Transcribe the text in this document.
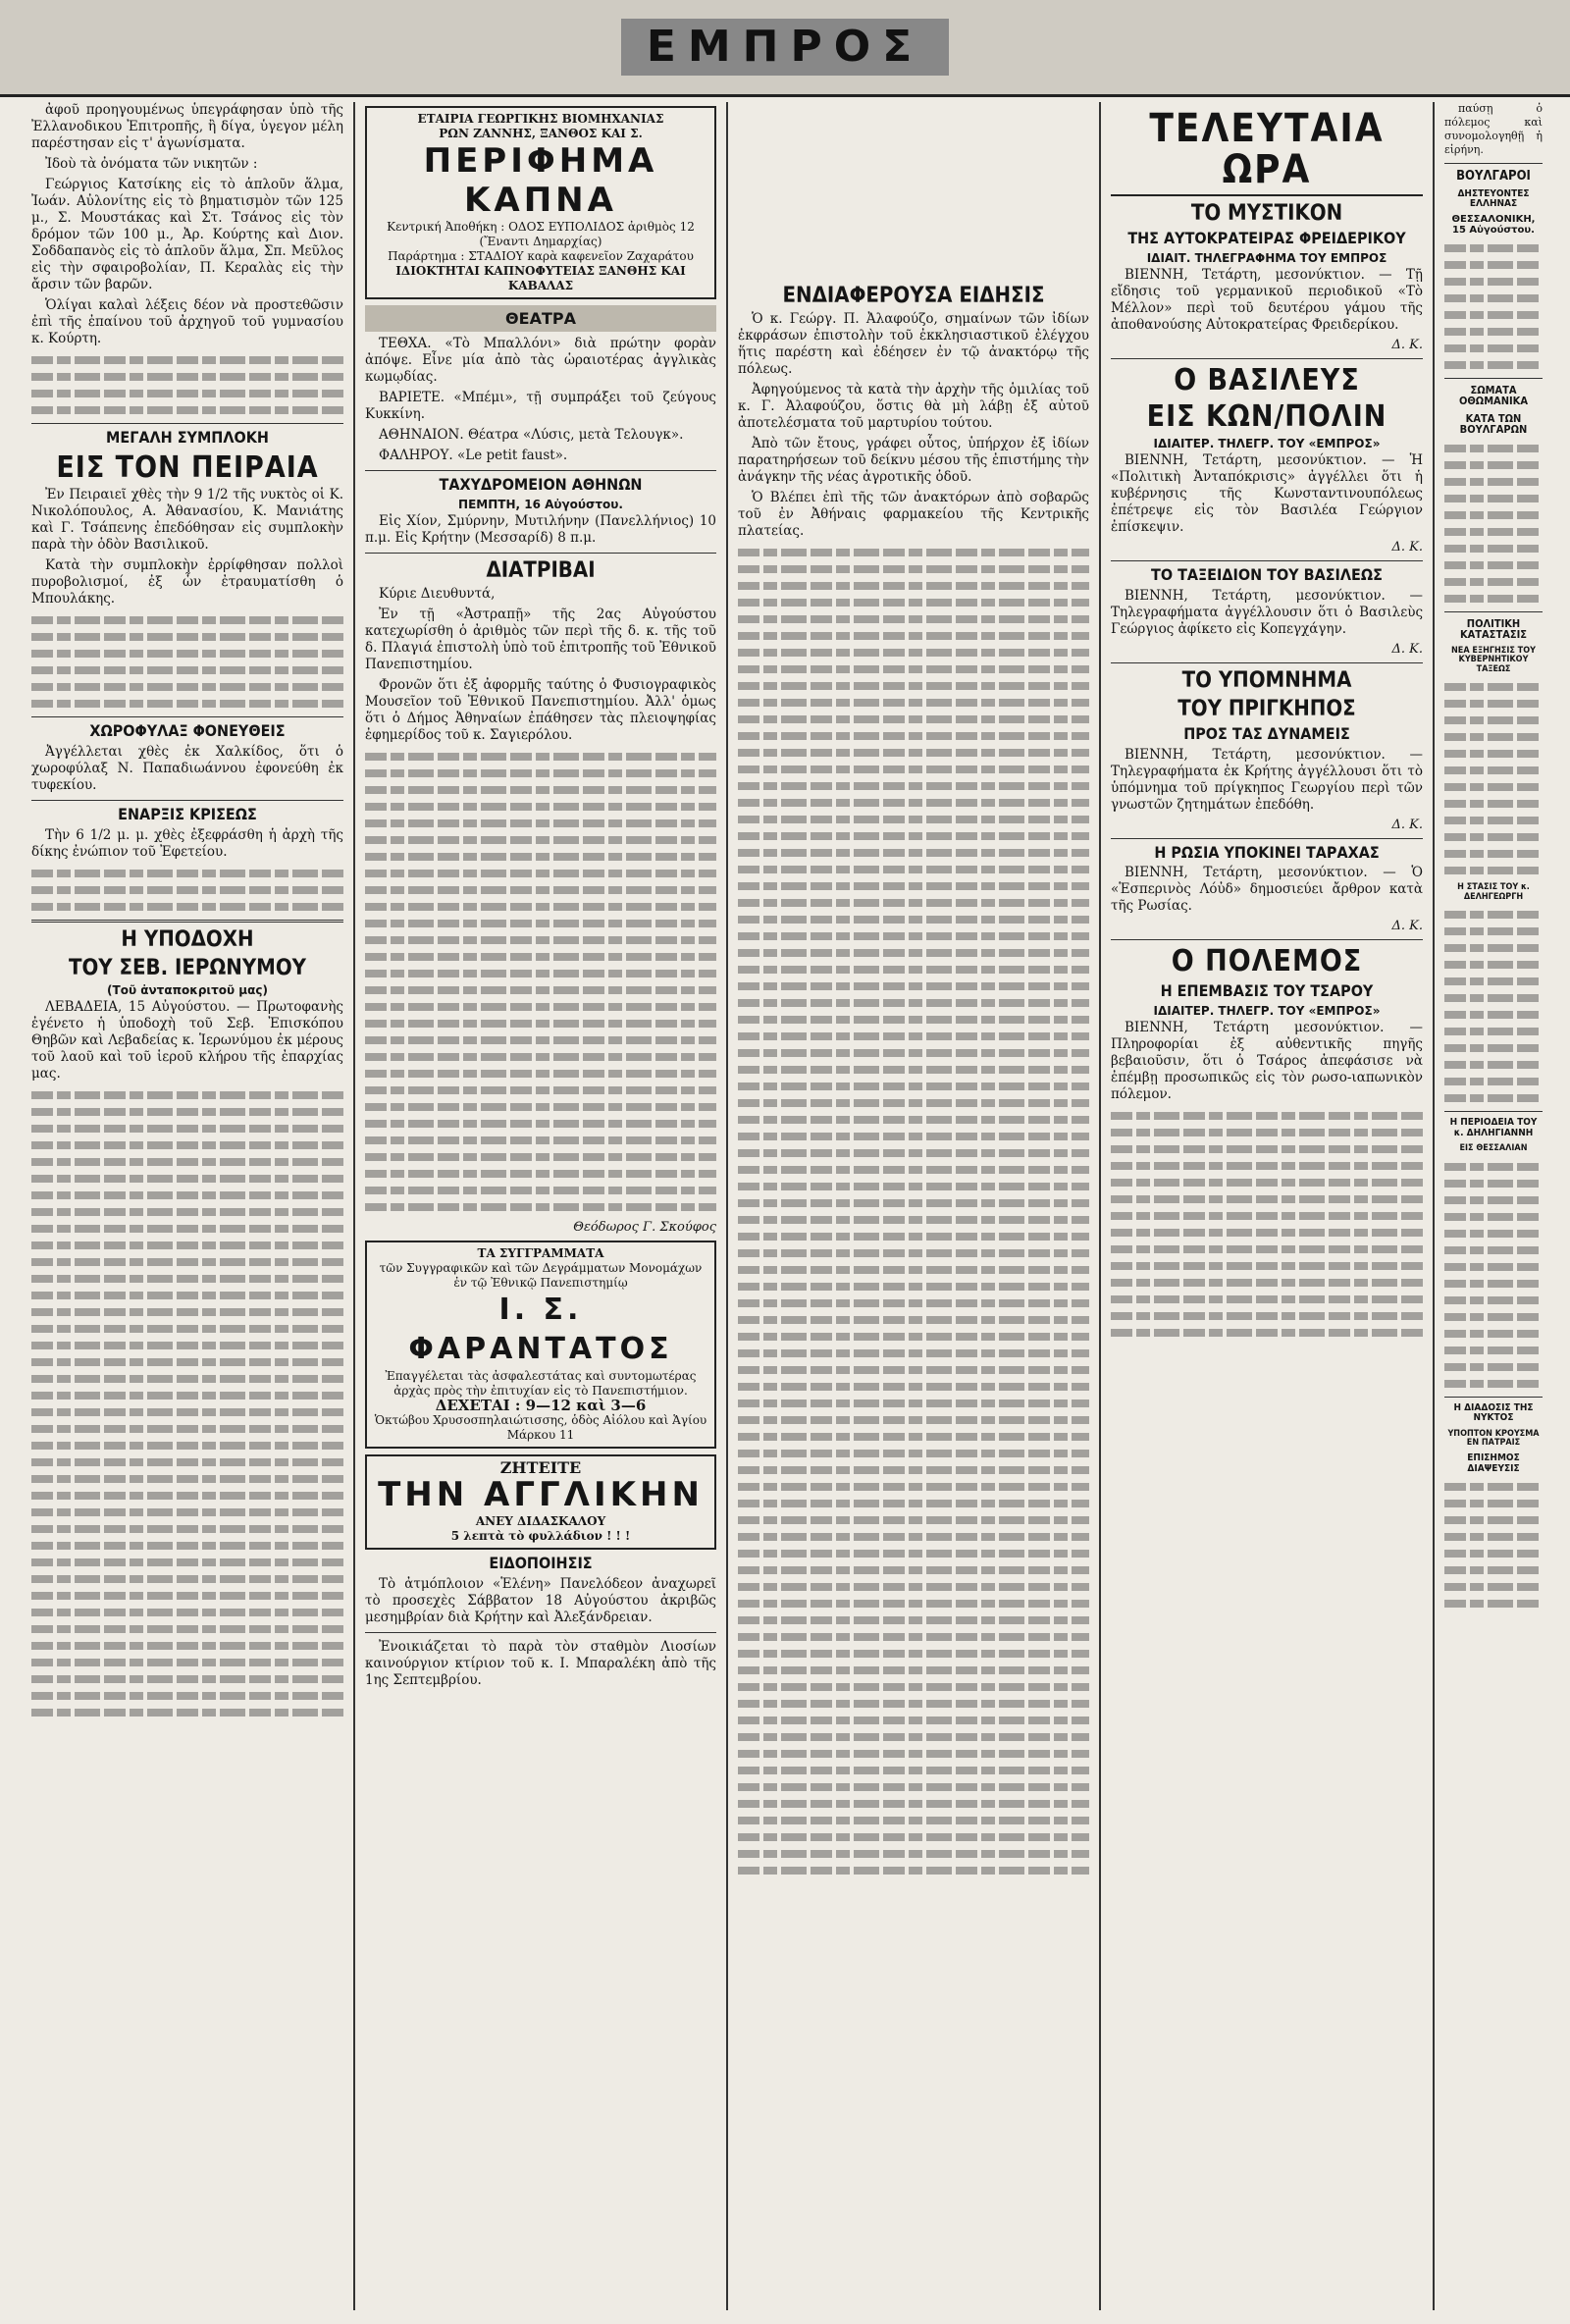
ΕΜΠΡΟΣ

ἀφοῦ προηγουμένως ὑπεγράφησαν ὑπὸ τῆς Ἐλλανοδικου Ἐπιτροπῆς, ἢ δίγα, ὑγεγον μέλη παρέστησαν εἰς τ' ἀγωνίσματα.

Ἰδοὺ τὰ ὀνόματα τῶν νικητῶν :

Γεώργιος Κατσίκης εἰς τὸ ἁπλοῦν ἅλμα, Ἰωάν. Αὐλονίτης εἰς τὸ βηματισμὸν τῶν 125 μ., Σ. Μουστάκας καὶ Στ. Τσάνος εἰς τὸν δρόμον τῶν 100 μ., Ἀρ. Κούρτης καὶ Διον. Σοδδαπανὸς εἰς τὸ ἁπλοῦν ἅλμα, Σπ. Μεῦλος εἰς τὴν σφαιροβολίαν, Π. Κεραλὰς εἰς τὴν ἄρσιν τῶν βαρῶν.

Ὁλίγαι καλαὶ λέξεις δέον νὰ προστεθῶσιν ἐπὶ τῆς ἐπαίνου τοῦ ἀρχηγοῦ τοῦ γυμνασίου κ. Κούρτη.

ΜΕΓΑΛΗ ΣΥΜΠΛΟΚΗ
ΕΙΣ ΤΟΝ ΠΕΙΡΑΙΑ

Ἐν Πειραιεῖ χθὲς τὴν 9 1/2 τῆς νυκτὸς οἱ Κ. Νικολόπουλος, Α. Ἀθανασίου, Κ. Μανιάτης καὶ Γ. Τσάπενης ἐπεδόθησαν εἰς συμπλοκὴν παρὰ τὴν ὁδὸν Βασιλικοῦ.

Κατὰ τὴν συμπλοκὴν ἐρρίφθησαν πολλοὶ πυροβολισμοί, ἐξ ὧν ἐτραυματίσθη ὁ Μπουλάκης.

ΧΩΡΟΦΥΛΑΞ ΦΟΝΕΥΘΕΙΣ

Ἀγγέλλεται χθὲς ἐκ Χαλκίδος, ὅτι ὁ χωροφύλαξ Ν. Παπαδιωάννου ἐφονεύθη ἐκ τυφεκίου.

ΕΝΑΡΞΙΣ ΚΡΙΣΕΩΣ

Τὴν 6 1/2 μ. μ. χθὲς ἐξεφράσθη ἡ ἀρχὴ τῆς δίκης ἐνώπιον τοῦ Ἐφετείου.

Η ΥΠΟΔΟΧΗ
ΤΟΥ ΣΕΒ. ΙΕΡΩΝΥΜΟΥ
(Τοῦ ἀνταποκριτοῦ μας)

ΛΕΒΑΔΕΙΑ, 15 Αὐγούστου. — Πρωτοφανὴς ἐγένετο ἡ ὑποδοχὴ τοῦ Σεβ. Ἐπισκόπου Θηβῶν καὶ Λεβαδείας κ. Ἱερωνύμου ἐκ μέρους τοῦ λαοῦ καὶ τοῦ ἱεροῦ κλήρου τῆς ἐπαρχίας μας.

ΕΤΑΙΡΙΑ ΓΕΩΡΓΙΚΗΣ ΒΙΟΜΗΧΑΝΙΑΣ
ΡΩΝ ΖΑΝΝΗΣ, ΞΑΝΘΟΣ ΚΑΙ Σ.
ΠΕΡΙΦΗΜΑ ΚΑΠΝΑ
Κεντρική Ἀποθήκη : ΟΔΟΣ ΕΥΠΟΛΙΔΟΣ ἀριθμὸς 12 (Ἔναντι Δημαρχίας)
Παράρτημα : ΣΤΑΔΙΟΥ καρὰ καφενεῖον Ζαχαράτου
ΙΔΙΟΚΤΗΤΑΙ ΚΑΠΝΟΦΥΤΕΙΑΣ ΞΑΝΘΗΣ ΚΑΙ ΚΑΒΑΛΑΣ
ΘΕΑΤΡΑ

ΤΕΘΧΑ. «Τὸ Μπαλλόνι» διὰ πρώτην φορὰν ἀπόψε. Εἶνε μία ἀπὸ τὰς ὡραιοτέρας ἀγγλικὰς κωμῳδίας.

ΒΑΡΙΕΤΕ. «Μπέμι», τῇ συμπράξει τοῦ ζεύγους Κυκκίνη.

ΑΘΗΝΑΙΟΝ. Θέατρα «Λύσις, μετὰ Τελουγκ».

ΦΑΛΗΡΟΥ. «Le petit faust».

ΤΑΧΥΔΡΟΜΕΙΟΝ ΑΘΗΝΩΝ
ΠΕΜΠΤΗ, 16 Αὐγούστου.

Εἰς Χίον, Σμύρνην, Μυτιλήνην (Πανελλήνιος) 10 π.μ. Εἰς Κρήτην (Μεσσαρίδ) 8 π.μ.

ΔΙΑΤΡΙΒΑΙ

Κύριε Διευθυντά,

Ἐν τῇ «Ἀστραπῇ» τῆς 2ας Αὐγούστου κατεχωρίσθη ὁ ἀριθμὸς τῶν περὶ τῆς δ. κ. τῆς τοῦ δ. Πλαγιά ἐπιστολὴ ὑπὸ τοῦ ἐπιτροπῆς τοῦ Ἐθνικοῦ Πανεπιστημίου.

Φρονῶν ὅτι ἐξ ἀφορμῆς ταύτης ὁ Φυσιογραφικὸς Μουσεῖον τοῦ Ἐθνικοῦ Πανεπιστημίου. Ἀλλ' ὁμως ὅτι ὁ Δήμος Ἀθηναίων ἐπάθησεν τὰς πλειοψηφίας ἐφημερίδος τοῦ κ. Σαγιερόλου.

Θεόδωρος Γ. Σκούφος
ΤΑ ΣΥΓΓΡΑΜΜΑΤΑ
τῶν Συγγραφικῶν καὶ τῶν Δεγράμματων Μονομάχων ἐν τῷ Ἐθνικῷ Πανεπιστημίῳ
Ι. Σ. ΦΑΡΑΝΤΑΤΟΣ
Ἐπαγγέλεται τὰς ἀσφαλεστάτας καὶ συντομωτέρας ἀρχὰς πρὸς τὴν ἐπιτυχίαν εἰς τὸ Πανεπιστήμιον.
ΔΕΧΕΤΑΙ : 9—12 καὶ 3—6
Ὁκτώβου Χρυσοσπηλαιώτισσης, ὁδὸς Αἰόλου καὶ Ἁγίου Μάρκου 11
ΖΗΤΕΙΤΕ
ΤΗΝ ΑΓΓΛΙΚΗΝ
ΑΝΕΥ ΔΙΔΑΣΚΑΛΟΥ
5 λεπτὰ τὸ φυλλάδιον ! ! !
ΕΙΔΟΠΟΙΗΣΙΣ

Τὸ ἀτμόπλοιον «Ἑλένη» Πανελόδεον ἀναχωρεῖ τὸ προσεχὲς Σάββατον 18 Αὐγούστου ἀκριβῶς μεσημβρίαν διὰ Κρήτην καὶ Ἀλεξάνδρειαν.

Ἐνοικιάζεται τὸ παρὰ τὸν σταθμὸν Λιοσίων καινούργιον κτίριον τοῦ κ. Ι. Μπαραλέκη ἀπὸ τῆς 1ης Σεπτεμβρίου.

ΕΝΔΙΑΦΕΡΟΥΣΑ ΕΙΔΗΣΙΣ

Ὁ κ. Γεώργ. Π. Ἀλαφούζο, σημαίνων τῶν ἰδίων ἐκφράσων ἐπιστολὴν τοῦ ἐκκλησιαστικοῦ ἐλέγχου ἥτις παρέστη καὶ ἐδέησεν ἐν τῷ ἀνακτόρῳ τῆς πόλεως.

Ἀφηγούμενος τὰ κατὰ τὴν ἀρχὴν τῆς ὁμιλίας τοῦ κ. Γ. Ἀλαφούζου, ὅστις θὰ μὴ λάβῃ ἐξ αὐτοῦ ἀποτελέσματα τοῦ μαρτυρίου τούτου.

Ἀπὸ τῶν ἔτους, γράφει οὗτος, ὑπήρχον ἐξ ἰδίων παρατηρήσεων τοῦ δείκνυ μέσου τῆς ἐπιστήμης τὴν ἀνάγκην τῆς νέας ἀγροτικῆς ὁδοῦ.

Ὁ Βλέπει ἐπὶ τῆς τῶν ἀνακτόρων ἀπὸ σοβαρῶς τοῦ ἐν Ἀθήναις φαρμακείου τῆς Κεντρικῆς πλατείας.

ΤΕΛΕΥΤΑΙΑ ΩΡΑ
ΤΟ ΜΥΣΤΙΚΟΝ
ΤΗΣ ΑΥΤΟΚΡΑΤΕΙΡΑΣ ΦΡΕΙΔΕΡΙΚΟΥ
ΙΔΙΑΙΤ. ΤΗΛΕΓΡΑΦΗΜΑ ΤΟΥ ΕΜΠΡΟΣ

ΒΙΕΝΝΗ, Τετάρτη, μεσονύκτιον. — Τῇ εἴδησις τοῦ γερμανικοῦ περιοδικοῦ «Τὸ Μέλλον» περὶ τοῦ δευτέρου γάμου τῆς ἀποθανούσης Αὐτοκρατείρας Φρειδερίκου.

Δ. Κ.
Ο ΒΑΣΙΛΕΥΣ
ΕΙΣ ΚΩΝ/ΠΟΛΙΝ
ΙΔΙΑΙΤΕΡ. ΤΗΛΕΓΡ. ΤΟΥ «ΕΜΠΡΟΣ»

ΒΙΕΝΝΗ, Τετάρτη, μεσονύκτιον. — Ἡ «Πολιτικὴ Ἀνταπόκρισις» ἀγγέλλει ὅτι ἡ κυβέρνησις τῆς Κωνσταντινουπόλεως ἐπέτρεψε εἰς τὸν Βασιλέα Γεώργιον ἐπίσκεψιν.

Δ. Κ.
ΤΟ ΤΑΞΕΙΔΙΟΝ ΤΟΥ ΒΑΣΙΛΕΩΣ

ΒΙΕΝΝΗ, Τετάρτη, μεσονύκτιον. — Τηλεγραφήματα ἀγγέλλουσιν ὅτι ὁ Βασιλεὺς Γεώργιος ἀφίκετο εἰς Κοπεγχάγην.

Δ. Κ.
ΤΟ ΥΠΟΜΝΗΜΑ
ΤΟΥ ΠΡΙΓΚΗΠΟΣ
ΠΡΟΣ ΤΑΣ ΔΥΝΑΜΕΙΣ

ΒΙΕΝΝΗ, Τετάρτη, μεσονύκτιον. — Τηλεγραφήματα ἐκ Κρήτης ἀγγέλλουσι ὅτι τὸ ὑπόμνημα τοῦ πρίγκηπος Γεωργίου περὶ τῶν γνωστῶν ζητημάτων ἐπεδόθη.

Δ. Κ.
Η ΡΩΣΙΑ ΥΠΟΚΙΝΕΙ ΤΑΡΑΧΑΣ

ΒΙΕΝΝΗ, Τετάρτη, μεσονύκτιον. — Ὁ «Ἑσπερινὸς Λόὐδ» δημοσιεύει ἄρθρον κατὰ τῆς Ρωσίας.

Δ. Κ.
Ο ΠΟΛΕΜΟΣ
Η ΕΠΕΜΒΑΣΙΣ ΤΟΥ ΤΣΑΡΟΥ
ΙΔΙΑΙΤΕΡ. ΤΗΛΕΓΡ. ΤΟΥ «ΕΜΠΡΟΣ»

ΒΙΕΝΝΗ, Τετάρτη μεσονύκτιον. — Πληροφορίαι ἐξ αὐθεντικῆς πηγῆς βεβαιοῦσιν, ὅτι ὁ Τσάρος ἀπεφάσισε νὰ ἐπέμβῃ προσωπικῶς εἰς τὸν ρωσο-ιαπωνικὸν πόλεμον.

παύσῃ ὁ πόλεμος καὶ συνομολογηθῇ ἡ εἰρήνη.

ΒΟΥΛΓΑΡΟΙ
ΔΗΣΤΕΥΟΝΤΕΣ ΕΛΛΗΝΑΣ
ΘΕΣΣΑΛΟΝΙΚΗ, 15 Αὐγούστου.
ΣΩΜΑΤΑ ΟΘΩΜΑΝΙΚΑ
ΚΑΤΑ ΤΩΝ ΒΟΥΛΓΑΡΩΝ
ΠΟΛΙΤΙΚΗ ΚΑΤΑΣΤΑΣΙΣ
ΝΕΑ ΕΞΗΓΗΣΙΣ ΤΟΥ ΚΥΒΕΡΝΗΤΙΚΟΥ ΤΑΞΕΩΣ
Η ΣΤΑΣΙΣ ΤΟΥ κ. ΔΕΛΗΓΕΩΡΓΗ
Η ΠΕΡΙΟΔΕΙΑ ΤΟΥ κ. ΔΗΛΗΓΙΑΝΝΗ
ΕΙΣ ΘΕΣΣΑΛΙΑΝ
Η ΔΙΑΔΟΣΙΣ ΤΗΣ ΝΥΚΤΟΣ
ΥΠΟΠΤΟΝ ΚΡΟΥΣΜΑ ΕΝ ΠΑΤΡΑΙΣ
ΕΠΙΣΗΜΟΣ ΔΙΑΨΕΥΣΙΣ
